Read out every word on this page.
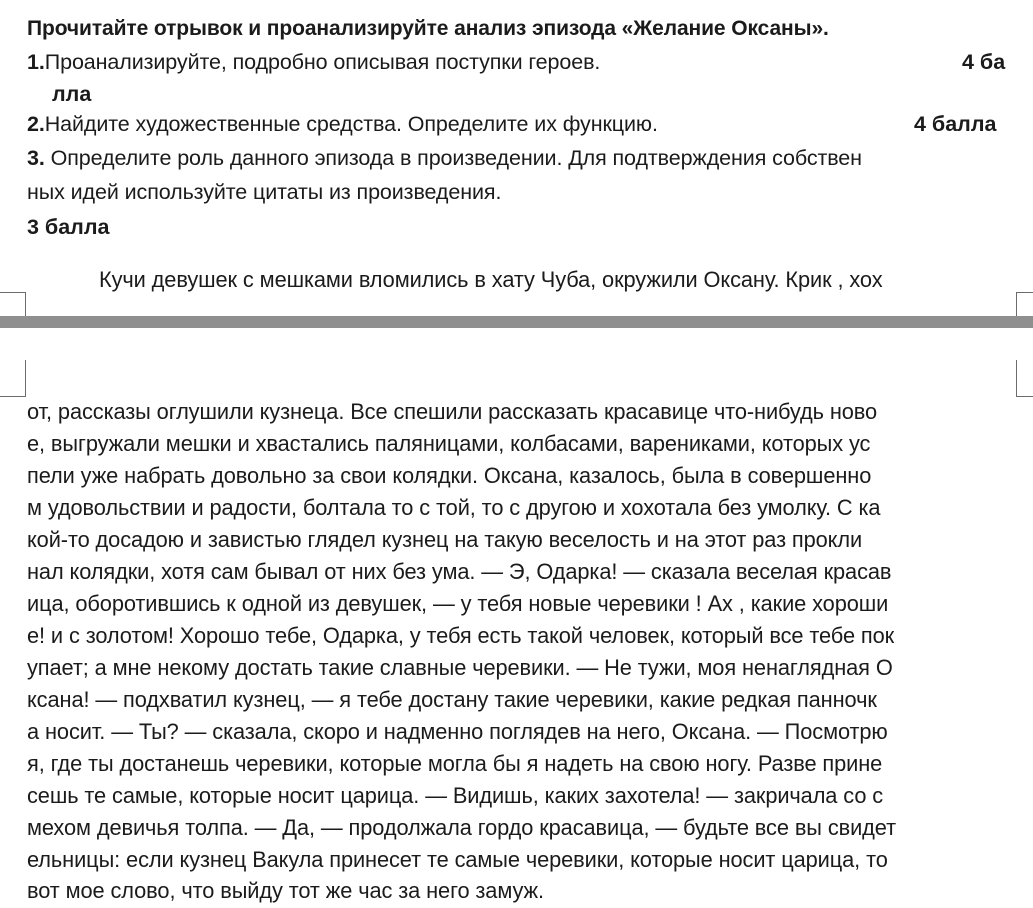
Прочитайте отрывок и проанализируйте анализ эпизода «Желание Оксаны».
1.Проанализируйте, подробно описывая поступки героев.	4 ба
лла
2.Найдите художественные средства. Определите их функцию.	4 балла
3. Определите роль данного эпизода в произведении. Для подтверждения собствен
ных идей используйте цитаты из произведения.
3 балла
Кучи девушек с мешками вломились в хату Чуба, окружили Оксану. Крик , хох
от, рассказы оглушили кузнеца. Все спешили рассказать красавице что-нибудь ново
е, выгружали мешки и хвастались паляницами, колбасами, варениками, которых ус
пели уже набрать довольно за свои колядки. Оксана, казалось, была в совершенно
м удовольствии и радости, болтала то с той, то с другою и хохотала без умолку. С ка
кой-то досадою и завистью глядел кузнец на такую веселость и на этот раз прокли
нал колядки, хотя сам бывал от них без ума. — Э, Одарка! — сказала веселая красав
ица, оборотившись к одной из девушек, — у тебя новые черевики ! Ах , какие хороши
е! и с золотом! Хорошо тебе, Одарка, у тебя есть такой человек, который все тебе пок
упает; а мне некому достать такие славные черевики. — Не тужи, моя ненаглядная О
ксана! — подхватил кузнец, — я тебе достану такие черевики, какие редкая панночк
а носит. — Ты? — сказала, скоро и надменно поглядев на него, Оксана. — Посмотрю
я, где ты достанешь черевики, которые могла бы я надеть на свою ногу. Разве прине
сешь те самые, которые носит царица. — Видишь, каких захотела! — закричала со с
мехом девичья толпа. — Да, — продолжала гордо красавица, — будьте все вы свидет
ельницы: если кузнец Вакула принесет те самые черевики, которые носит царица, то
вот мое слово, что выйду тот же час за него замуж.
